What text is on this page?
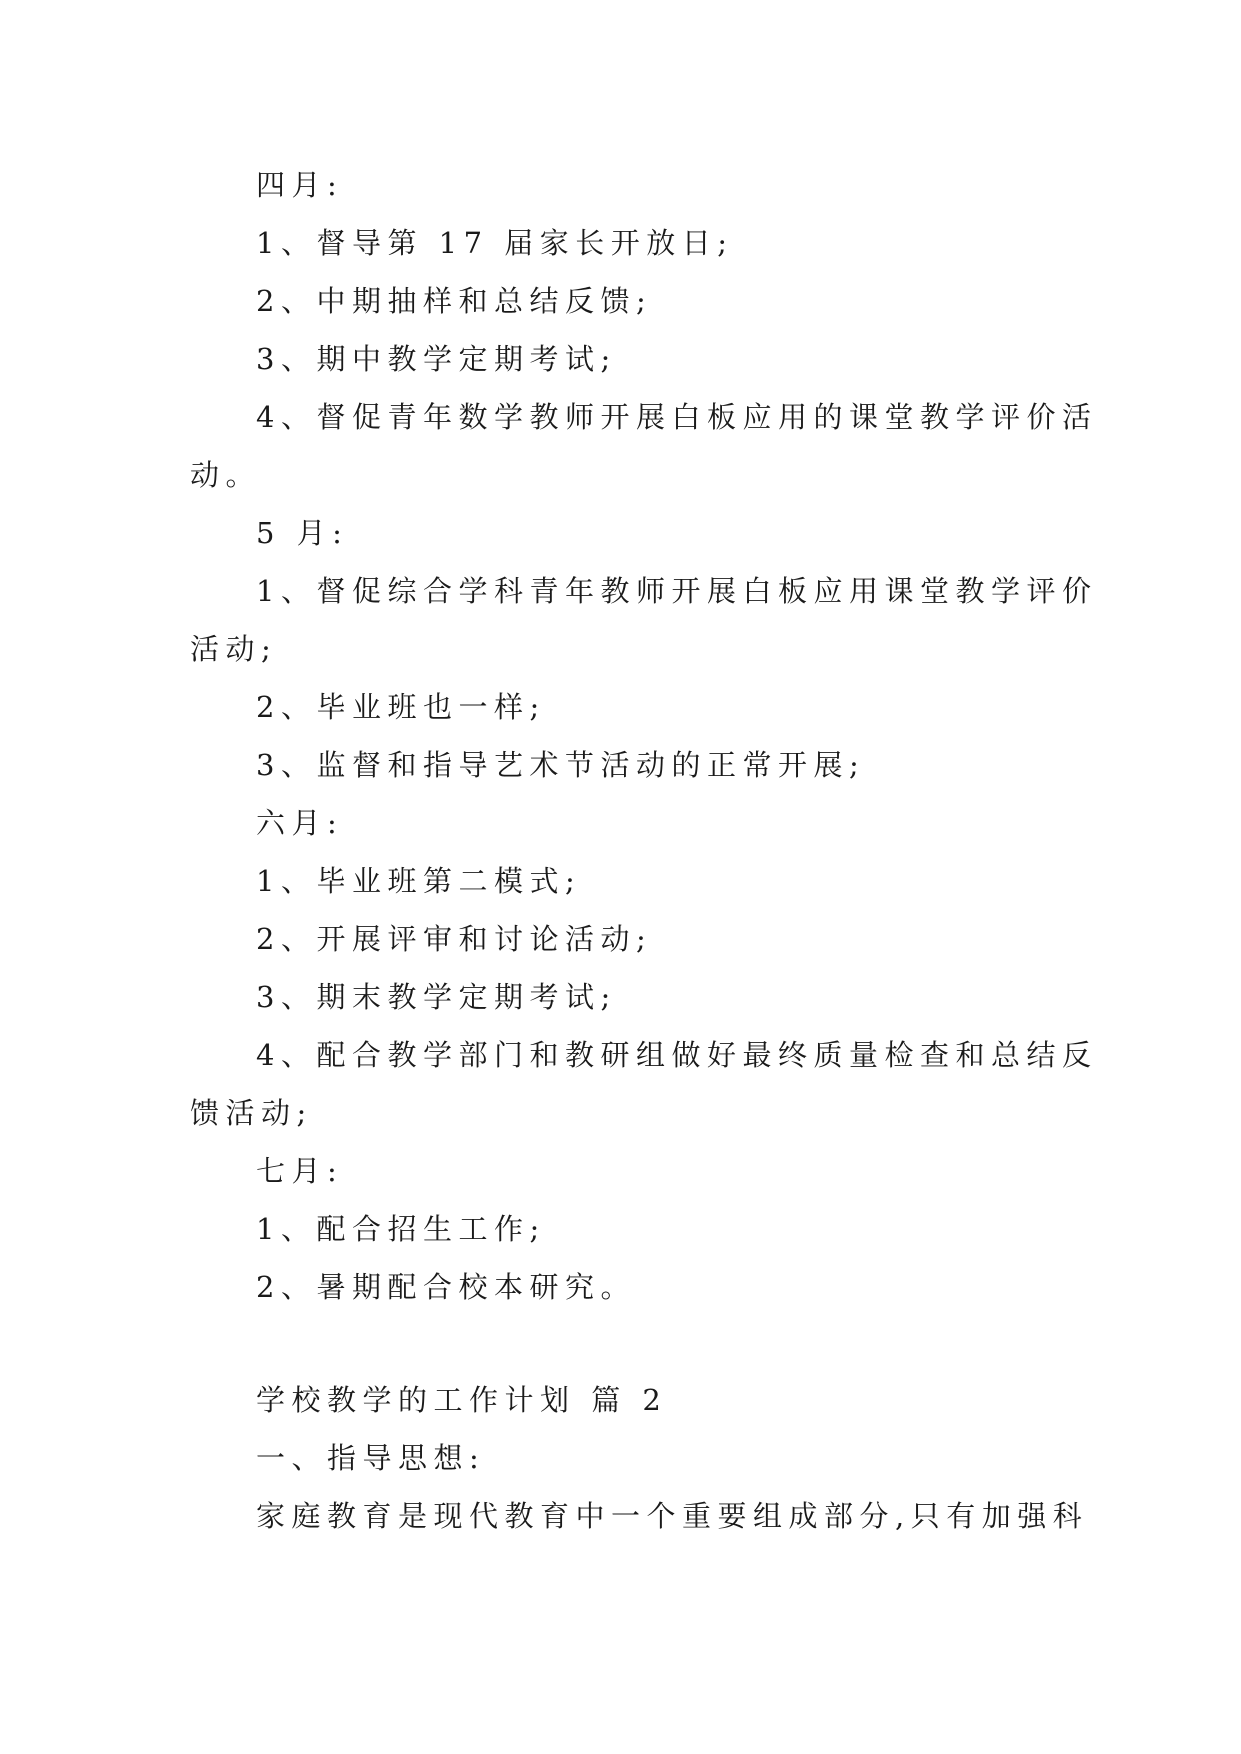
四月:
1、督导第 17 届家长开放日;
2、中期抽样和总结反馈;
3、期中教学定期考试;
4、督促青年数学教师开展白板应用的课堂教学评价活
动。
5 月:
1、督促综合学科青年教师开展白板应用课堂教学评价
活动;
2、毕业班也一样;
3、监督和指导艺术节活动的正常开展;
六月:
1、毕业班第二模式;
2、开展评审和讨论活动;
3、期末教学定期考试;
4、配合教学部门和教研组做好最终质量检查和总结反
馈活动;
七月:
1、配合招生工作;
2、暑期配合校本研究。
学校教学的工作计划 篇 2
一、指导思想:
家庭教育是现代教育中一个重要组成部分,只有加强科
